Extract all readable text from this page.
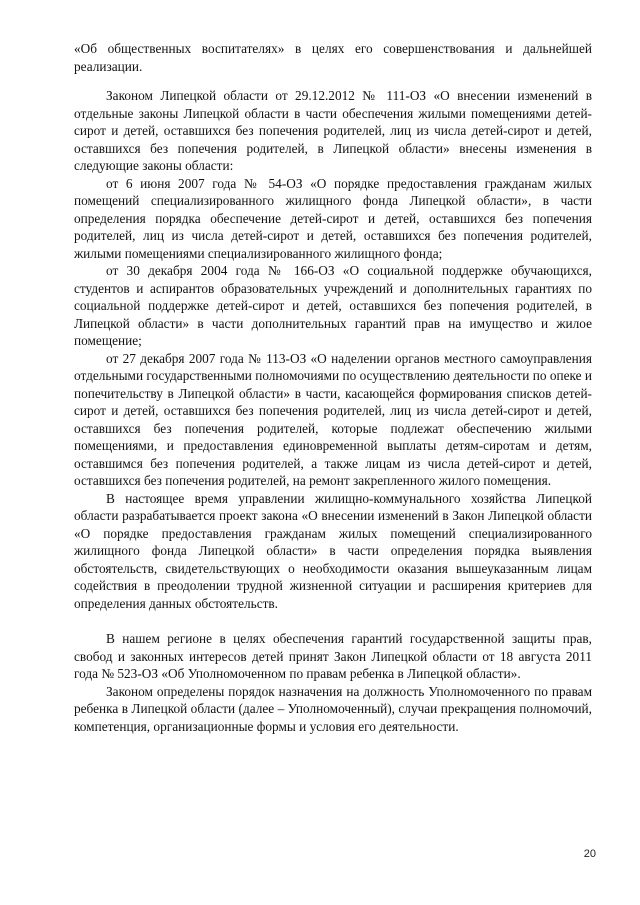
«Об общественных воспитателях» в целях его совершенствования и дальнейшей реализации.

Законом Липецкой области от 29.12.2012 № 111-ОЗ «О внесении изменений в отдельные законы Липецкой области в части обеспечения жилыми помещениями детей-сирот и детей, оставшихся без попечения родителей, лиц из числа детей-сирот и детей, оставшихся без попечения родителей, в Липецкой области» внесены изменения в следующие законы области:

от 6 июня 2007 года № 54-ОЗ «О порядке предоставления гражданам жилых помещений специализированного жилищного фонда Липецкой области», в части определения порядка обеспечение детей-сирот и детей, оставшихся без попечения родителей, лиц из числа детей-сирот и детей, оставшихся без попечения родителей, жилыми помещениями специализированного жилищного фонда;

от 30 декабря 2004 года № 166-ОЗ «О социальной поддержке обучающихся, студентов и аспирантов образовательных учреждений и дополнительных гарантиях по социальной поддержке детей-сирот и детей, оставшихся без попечения родителей, в Липецкой области» в части дополнительных гарантий прав на имущество и жилое помещение;

от 27 декабря 2007 года № 113-ОЗ «О наделении органов местного самоуправления отдельными государственными полномочиями по осуществлению деятельности по опеке и попечительству в Липецкой области» в части, касающейся формирования списков детей-сирот и детей, оставшихся без попечения родителей, лиц из числа детей-сирот и детей, оставшихся без попечения родителей, которые подлежат обеспечению жилыми помещениями, и предоставления единовременной выплаты детям-сиротам и детям, оставшимся без попечения родителей, а также лицам из числа детей-сирот и детей, оставшихся без попечения родителей, на ремонт закрепленного жилого помещения.

В настоящее время управлении жилищно-коммунального хозяйства Липецкой области разрабатывается проект закона «О внесении изменений в Закон Липецкой области «О порядке предоставления гражданам жилых помещений специализированного жилищного фонда Липецкой области» в части определения порядка выявления обстоятельств, свидетельствующих о необходимости оказания вышеуказанным лицам содействия в преодолении трудной жизненной ситуации и расширения критериев для определения данных обстоятельств.

В нашем регионе в целях обеспечения гарантий государственной защиты прав, свобод и законных интересов детей принят Закон Липецкой области от 18 августа 2011 года № 523-ОЗ «Об Уполномоченном по правам ребенка в Липецкой области».

Законом определены порядок назначения на должность Уполномоченного по правам ребенка в Липецкой области (далее – Уполномоченный), случаи прекращения полномочий, компетенция, организационные формы и условия его деятельности.

20
